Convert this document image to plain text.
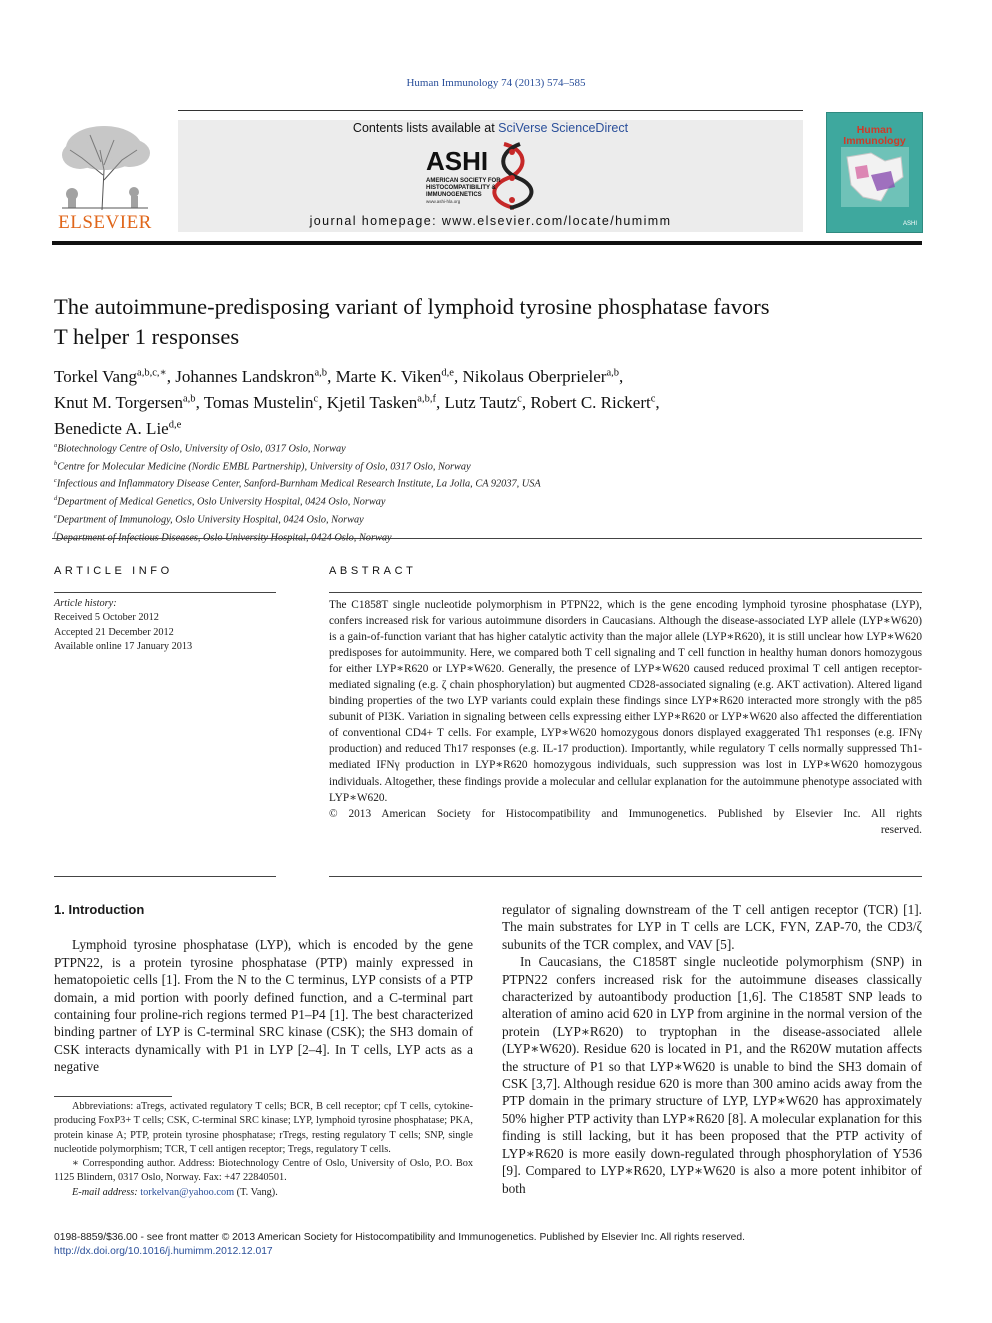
Human Immunology 74 (2013) 574–585
ELSEVIER
Contents lists available at SciVerse ScienceDirect
ASHI
AMERICAN SOCIETY FOR
HISTOCOMPATIBILITY &
IMMUNOGENETICS
www.ashi-hla.org
journal homepage: www.elsevier.com/locate/humimm
Human
Immunology
ASHI
The autoimmune-predisposing variant of lymphoid tyrosine phosphatase favors
T helper 1 responses
Torkel Vang$^{a,b,c,∗}$, Johannes Landskron$^{a,b}$, Marte K. Viken$^{d,e}$, Nikolaus Oberprieler$^{a,b}$,
Knut M. Torgersen$^{a,b}$, Tomas Mustelin$^c$, Kjetil Tasken$^{a,b,f}$, Lutz Tautz$^c$, Robert C. Rickert$^c$,
Benedicte A. Lie$^{d,e}$
$^a$Biotechnology Centre of Oslo, University of Oslo, 0317 Oslo, Norway
$^b$Centre for Molecular Medicine (Nordic EMBL Partnership), University of Oslo, 0317 Oslo, Norway
$^c$Infectious and Inflammatory Disease Center, Sanford-Burnham Medical Research Institute, La Jolla, CA 92037, USA
$^d$Department of Medical Genetics, Oslo University Hospital, 0424 Oslo, Norway
$^e$Department of Immunology, Oslo University Hospital, 0424 Oslo, Norway
$^f$
ARTICLE INFO
Article history:
Received 5 October 2012
Accepted 21 December 2012
Available online 17 January 2013
ABSTRACT

The C1858T single nucleotide polymorphism in PTPN22, which is the gene encoding lymphoid tyrosine phosphatase (LYP), confers increased risk for various autoimmune disorders in Caucasians. Although the disease-associated LYP allele (LYP∗W620) is a gain-of-function variant that has higher catalytic activity than the major allele (LYP∗R620), it is still unclear how LYP∗W620 predisposes for autoimmunity. Here, we compared both T cell signaling and T cell function in healthy human donors homozygous for either LYP∗R620 or LYP∗W620. Generally, the presence of LYP∗W620 caused reduced proximal T cell antigen receptor-mediated signaling (e.g. ζ chain phosphorylation) but augmented CD28-associated signaling (e.g. AKT activation). Altered ligand binding properties of the two LYP variants could explain these findings since LYP∗R620 interacted more strongly with the p85 subunit of PI3K. Variation in signaling between cells expressing either LYP∗R620 or LYP∗W620 also affected the differentiation of conventional CD4+ T cells. For example, LYP∗W620 homozygous donors displayed exaggerated Th1 responses (e.g. IFNγ production) and reduced Th17 responses (e.g. IL-17 production). Importantly, while regulatory T cells normally suppressed Th1-mediated IFNγ production in LYP∗R620 homozygous individuals, such suppression was lost in LYP∗W620 homozygous individuals. Altogether, these findings provide a molecular and cellular explanation for the autoimmune phenotype associated with LYP∗W620.

© 2013 American Society for Histocompatibility and Immunogenetics. Published by Elsevier Inc. All rights

reserved.

1. Introduction

Lymphoid tyrosine phosphatase (LYP), which is encoded by the gene PTPN22, is a protein tyrosine phosphatase (PTP) mainly expressed in hematopoietic cells [1]. From the N to the C terminus, LYP consists of a PTP domain, a mid portion with poorly defined function, and a C-terminal part containing four proline-rich regions termed P1–P4 [1]. The best characterized binding partner of LYP is C-terminal SRC kinase (CSK); the SH3 domain of CSK interacts dynamically with P1 in LYP [2–4]. In T cells, LYP acts as a negative

regulator of signaling downstream of the T cell antigen receptor (TCR) [1]. The main substrates for LYP in T cells are LCK, FYN, ZAP-70, the CD3/ζ subunits of the TCR complex, and VAV [5].

In Caucasians, the C1858T single nucleotide polymorphism (SNP) in PTPN22 confers increased risk for the autoimmune diseases classically characterized by autoantibody production [1,6]. The C1858T SNP leads to alteration of amino acid 620 in LYP from arginine in the normal version of the protein (LYP∗R620) to tryptophan in the disease-associated allele (LYP∗W620). Residue 620 is located in P1, and the R620W mutation affects the structure of P1 so that LYP∗W620 is unable to bind the SH3 domain of CSK [3,7]. Although residue 620 is more than 300 amino acids away from the PTP domain in the primary structure of LYP, LYP∗W620 has approximately 50% higher PTP activity than LYP∗R620 [8]. A molecular explanation for this finding is still lacking, but it has been proposed that the PTP activity of LYP∗R620 is more easily down-regulated through phosphorylation of Y536 [9]. Compared to LYP∗R620, LYP∗W620 is also a more potent inhibitor of both

Abbreviations: aTregs, activated regulatory T cells; BCR, B cell receptor; cpf T cells, cytokine-producing FoxP3+ T cells; CSK, C-terminal SRC kinase; LYP, lymphoid tyrosine phosphatase; PKA, protein kinase A; PTP, protein tyrosine phosphatase; rTregs, resting regulatory T cells; SNP, single nucleotide polymorphism; TCR, T cell antigen receptor; Tregs, regulatory T cells.

∗ Corresponding author. Address: Biotechnology Centre of Oslo, University of Oslo, P.O. Box 1125 Blindern, 0317 Oslo, Norway. Fax: +47 22840501.

E-mail address: torkelvan@yahoo.com (T. Vang).

0198-8859/$36.00 - see front matter © 2013 American Society for Histocompatibility and Immunogenetics. Published by Elsevier Inc. All rights reserved.
http://dx.doi.org/10.1016/j.humimm.2012.12.017
